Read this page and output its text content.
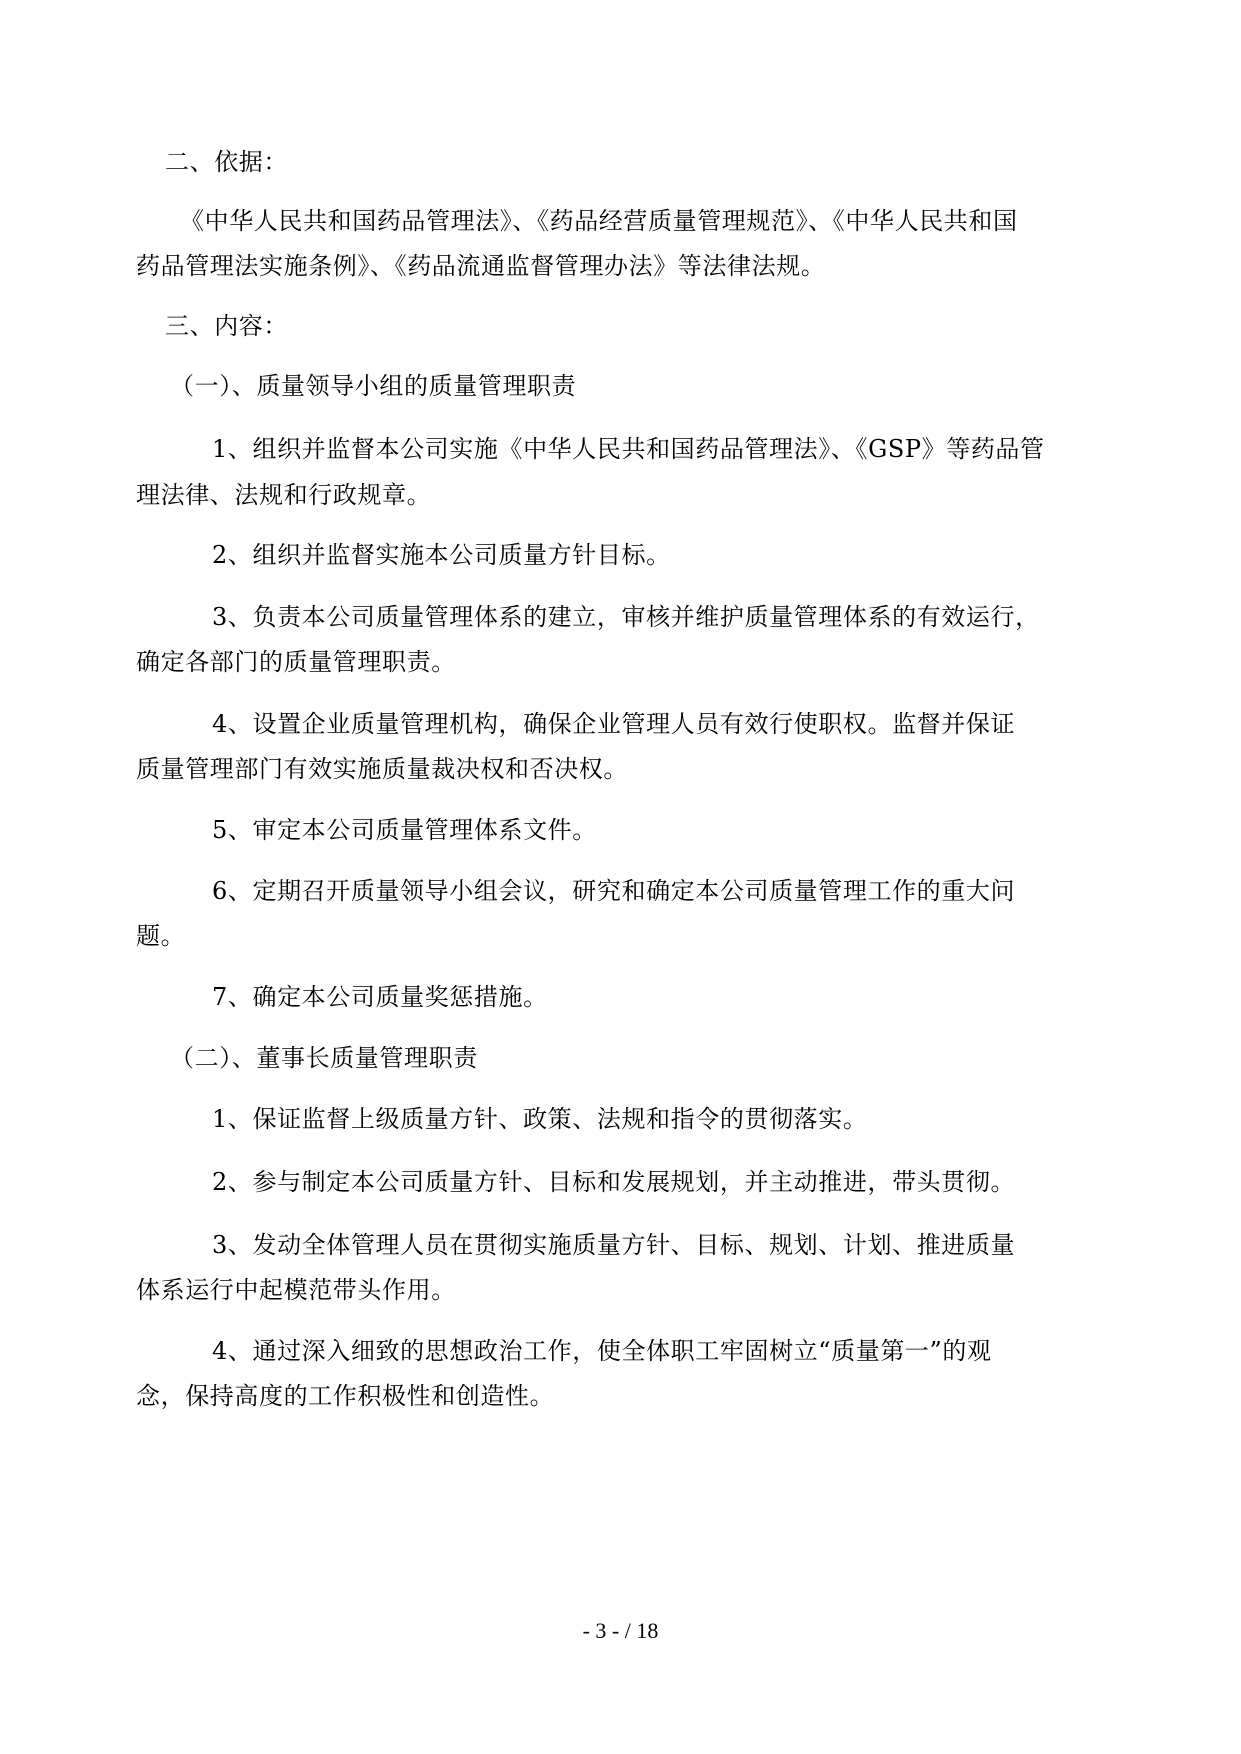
二、依据：
《中华人民共和国药品管理法》、《药品经营质量管理规范》、《中华人民共和国
药品管理法实施条例》、《药品流通监督管理办法》等法律法规。
三、内容：
（一）、质量领导小组的质量管理职责
1、组织并监督本公司实施《中华人民共和国药品管理法》、《GSP》等药品管
理法律、法规和行政规章。
2、组织并监督实施本公司质量方针目标。
3、负责本公司质量管理体系的建立，审核并维护质量管理体系的有效运行，
确定各部门的质量管理职责。
4、设置企业质量管理机构，确保企业管理人员有效行使职权。监督并保证
质量管理部门有效实施质量裁决权和否决权。
5、审定本公司质量管理体系文件。
6、定期召开质量领导小组会议，研究和确定本公司质量管理工作的重大问
题。
7、确定本公司质量奖惩措施。
（二）、董事长质量管理职责
1、保证监督上级质量方针、政策、法规和指令的贯彻落实。
2、参与制定本公司质量方针、目标和发展规划，并主动推进，带头贯彻。
3、发动全体管理人员在贯彻实施质量方针、目标、规划、计划、推进质量
体系运行中起模范带头作用。
4、通过深入细致的思想政治工作，使全体职工牢固树立“质量第一”的观
念，保持高度的工作积极性和创造性。
- 3 - / 18
